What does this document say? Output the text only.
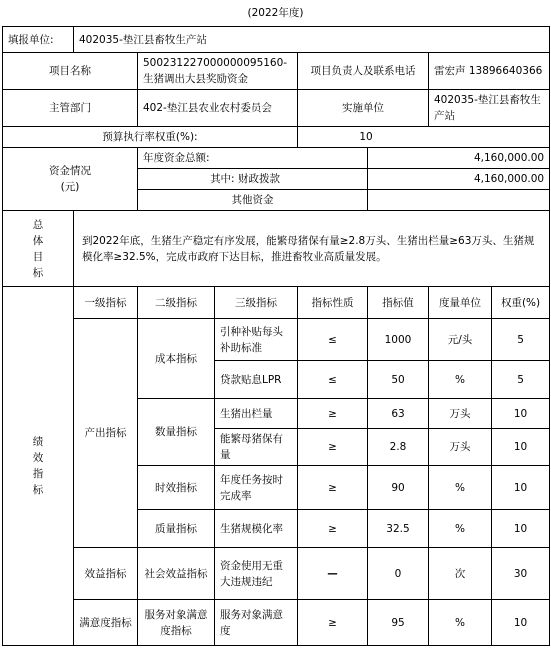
(2022年度)
填报单位:	402035-垫江县畜牧生产站						
项目名称		500231227000000095160-生猪调出大县奖励资金		项目负责人及联系电话		雷宏声 13896640366	
主管部门		402-垫江县农业农村委员会		实施单位		402035-垫江县畜牧生产站	
预算执行率权重(%):				10			

资金情况
(元)		年度资金总额:			4,160,000.00		
		其中: 财政拨款			4,160,000.00		
		其他资金					

总
体
目
标	到2022年底，生猪生产稳定有序发展，能繁母猪保有量≥2.8万头、生猪出栏量≥63万头、生猪规模化率≥32.5%，完成市政府下达目标，推进畜牧业高质量发展。						

绩
效
指
标	一级指标	二级指标	三级指标	指标性质	指标值	度量单位	权重(%)
	产出指标	成本指标	引种补贴每头补助标准	≤	1000	元/头	5
			贷款贴息LPR	≤	50	%	5
		数量指标	生猪出栏量	≥	63	万头	10
			能繁母猪保有量	≥	2.8	万头	10
		时效指标	年度任务按时完成率	≥	90	%	10
		质量指标	生猪规模化率	≥	32.5	%	10
	效益指标	社会效益指标	资金使用无重大违规违纪	—	0	次	30
	满意度指标	服务对象满意度指标	服务对象满意度	≥	95	%	10
